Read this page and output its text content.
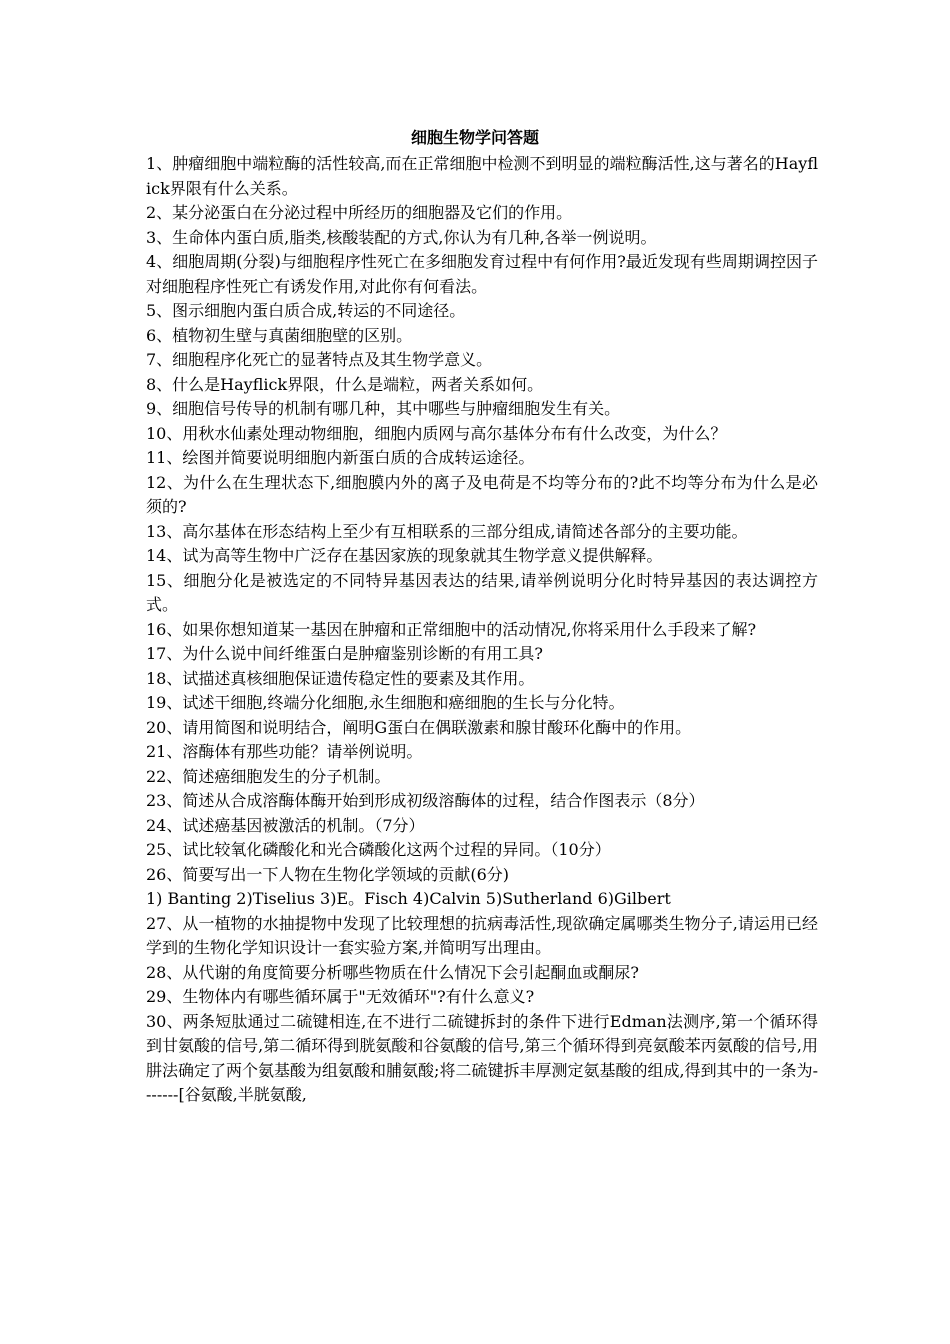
细胞生物学问答题

1、肿瘤细胞中端粒酶的活性较高,而在正常细胞中检测不到明显的端粒酶活性,这与著名的Hayflick界限有什么关系。

2、某分泌蛋白在分泌过程中所经历的细胞器及它们的作用。

3、生命体内蛋白质,脂类,核酸装配的方式,你认为有几种,各举一例说明。

4、细胞周期(分裂)与细胞程序性死亡在多细胞发育过程中有何作用?最近发现有些周期调控因子对细胞程序性死亡有诱发作用,对此你有何看法。

5、图示细胞内蛋白质合成,转运的不同途径。

6、植物初生壁与真菌细胞壁的区别。

7、细胞程序化死亡的显著特点及其生物学意义。

8、什么是Hayflick界限，什么是端粒，两者关系如何。

9、细胞信号传导的机制有哪几种，其中哪些与肿瘤细胞发生有关。

10、用秋水仙素处理动物细胞，细胞内质网与高尔基体分布有什么改变，为什么？

11、绘图并简要说明细胞内新蛋白质的合成转运途径。

12、为什么在生理状态下,细胞膜内外的离子及电荷是不均等分布的?此不均等分布为什么是必须的?

13、高尔基体在形态结构上至少有互相联系的三部分组成,请简述各部分的主要功能。

14、试为高等生物中广泛存在基因家族的现象就其生物学意义提供解释。

15、细胞分化是被选定的不同特异基因表达的结果,请举例说明分化时特异基因的表达调控方式。

16、如果你想知道某一基因在肿瘤和正常细胞中的活动情况,你将采用什么手段来了解?

17、为什么说中间纤维蛋白是肿瘤鉴别诊断的有用工具?

18、试描述真核细胞保证遗传稳定性的要素及其作用。

19、试述干细胞,终端分化细胞,永生细胞和癌细胞的生长与分化特。

20、请用简图和说明结合，阐明G蛋白在偶联激素和腺甘酸环化酶中的作用。

21、溶酶体有那些功能？请举例说明。

22、简述癌细胞发生的分子机制。

23、简述从合成溶酶体酶开始到形成初级溶酶体的过程，结合作图表示（8分）

24、试述癌基因被激活的机制。（7分）

25、试比较氧化磷酸化和光合磷酸化这两个过程的异同。（10分）

26、简要写出一下人物在生物化学领域的贡献(6分)

1) Banting 2)Tiselius 3)E。Fisch 4)Calvin 5)Sutherland 6)Gilbert

27、从一植物的水抽提物中发现了比较理想的抗病毒活性,现欲确定属哪类生物分子,请运用已经学到的生物化学知识设计一套实验方案,并简明写出理由。

28、从代谢的角度简要分析哪些物质在什么情况下会引起酮血或酮尿?

29、生物体内有哪些循环属于"无效循环"?有什么意义?

30、两条短肽通过二硫键相连,在不进行二硫键拆封的条件下进行Edman法测序,第一个循环得到甘氨酸的信号,第二循环得到胱氨酸和谷氨酸的信号,第三个循环得到亮氨酸苯丙氨酸的信号,用肼法确定了两个氨基酸为组氨酸和脯氨酸;将二硫键拆丰厚测定氨基酸的组成,得到其中的一条为-------[谷氨酸,半胱氨酸,
